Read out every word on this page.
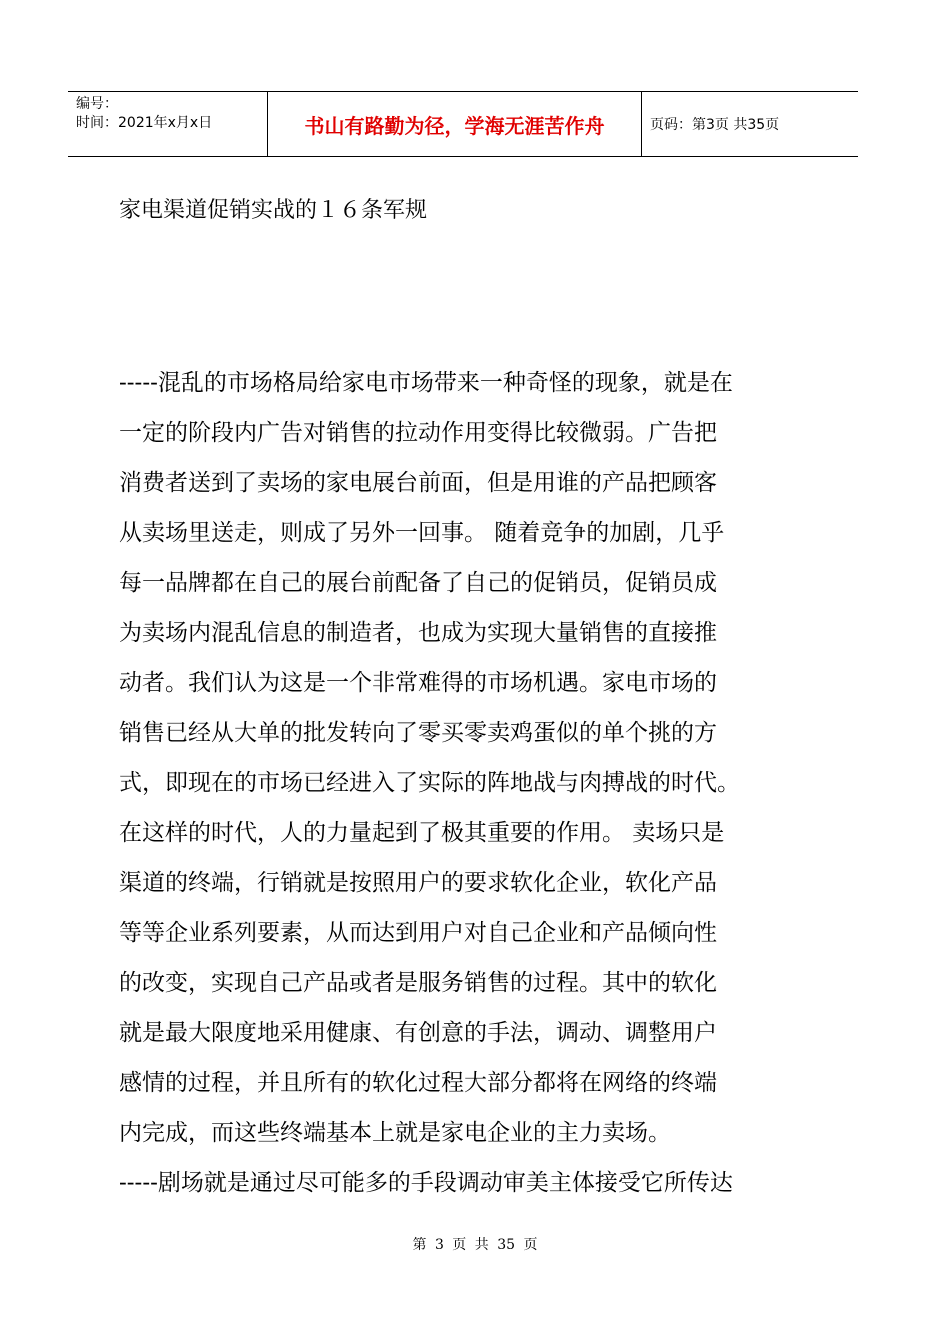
编号：
时间：2021年x月x日	书山有路勤为径，学海无涯苦作舟	页码：第3页 共35页
家电渠道促销实战的１６条军规
-----混乱的市场格局给家电市场带来一种奇怪的现象，就是在
一定的阶段内广告对销售的拉动作用变得比较微弱。广告把
消费者送到了卖场的家电展台前面，但是用谁的产品把顾客
从卖场里送走，则成了另外一回事。 随着竞争的加剧，几乎
每一品牌都在自己的展台前配备了自己的促销员，促销员成
为卖场内混乱信息的制造者，也成为实现大量销售的直接推
动者。我们认为这是一个非常难得的市场机遇。家电市场的
销售已经从大单的批发转向了零买零卖鸡蛋似的单个挑的方
式，即现在的市场已经进入了实际的阵地战与肉搏战的时代。
在这样的时代，人的力量起到了极其重要的作用。 卖场只是
渠道的终端，行销就是按照用户的要求软化企业，软化产品
等等企业系列要素，从而达到用户对自己企业和产品倾向性
的改变，实现自己产品或者是服务销售的过程。其中的软化
就是最大限度地采用健康、有创意的手法，调动、调整用户
感情的过程，并且所有的软化过程大部分都将在网络的终端
内完成，而这些终端基本上就是家电企业的主力卖场。
-----剧场就是通过尽可能多的手段调动审美主体接受它所传达
第 3 页 共 35 页
